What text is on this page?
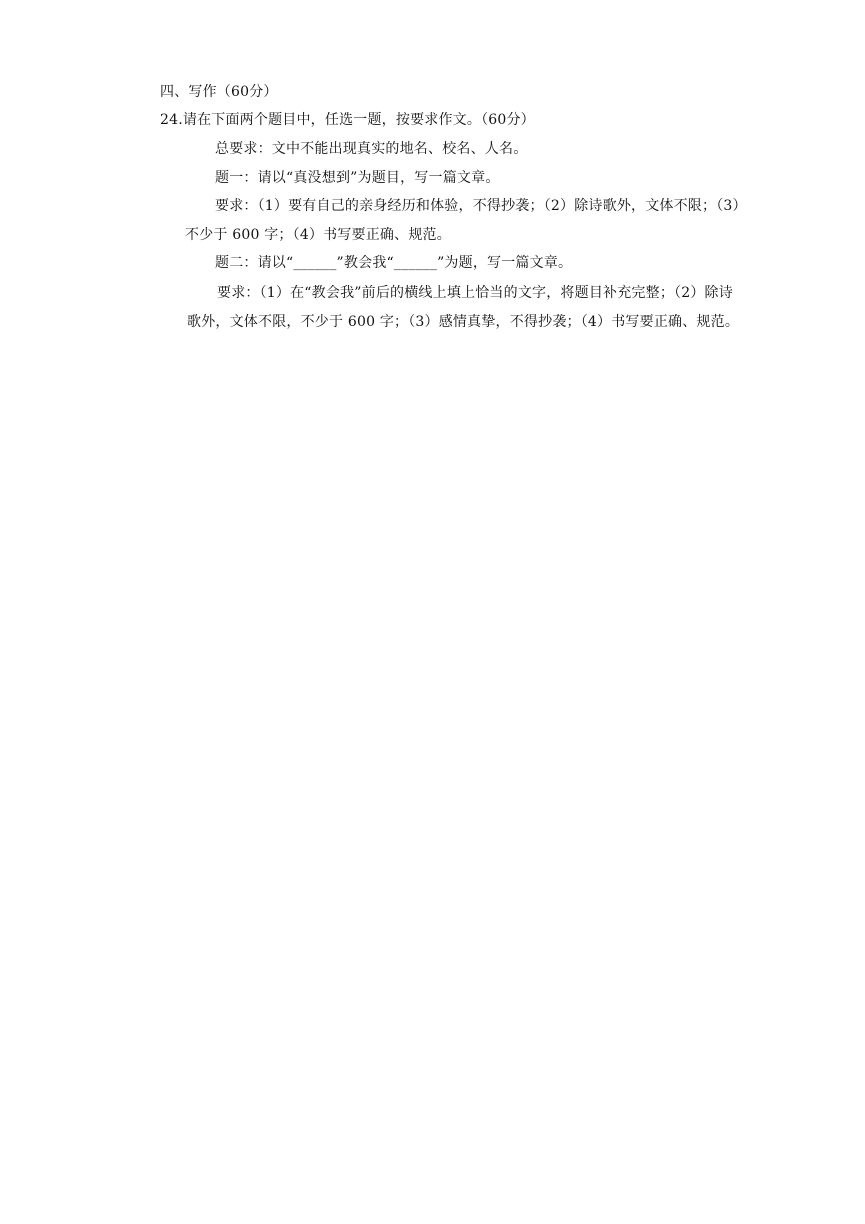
四、写作（60分）
24.请在下面两个题目中，任选一题，按要求作文。（60分）
总要求：文中不能出现真实的地名、校名、人名。
题一：请以“真没想到”为题目，写一篇文章。
要求：（1）要有自己的亲身经历和体验，不得抄袭；（2）除诗歌外，文体不限；（3）
不少于 600 字；（4）书写要正确、规范。
题二：请以“______”教会我“______”为题，写一篇文章。
要求：（1）在“教会我”前后的横线上填上恰当的文字，将题目补充完整；（2）除诗
歌外，文体不限，不少于 600 字；（3）感情真挚，不得抄袭；（4）书写要正确、规范。
